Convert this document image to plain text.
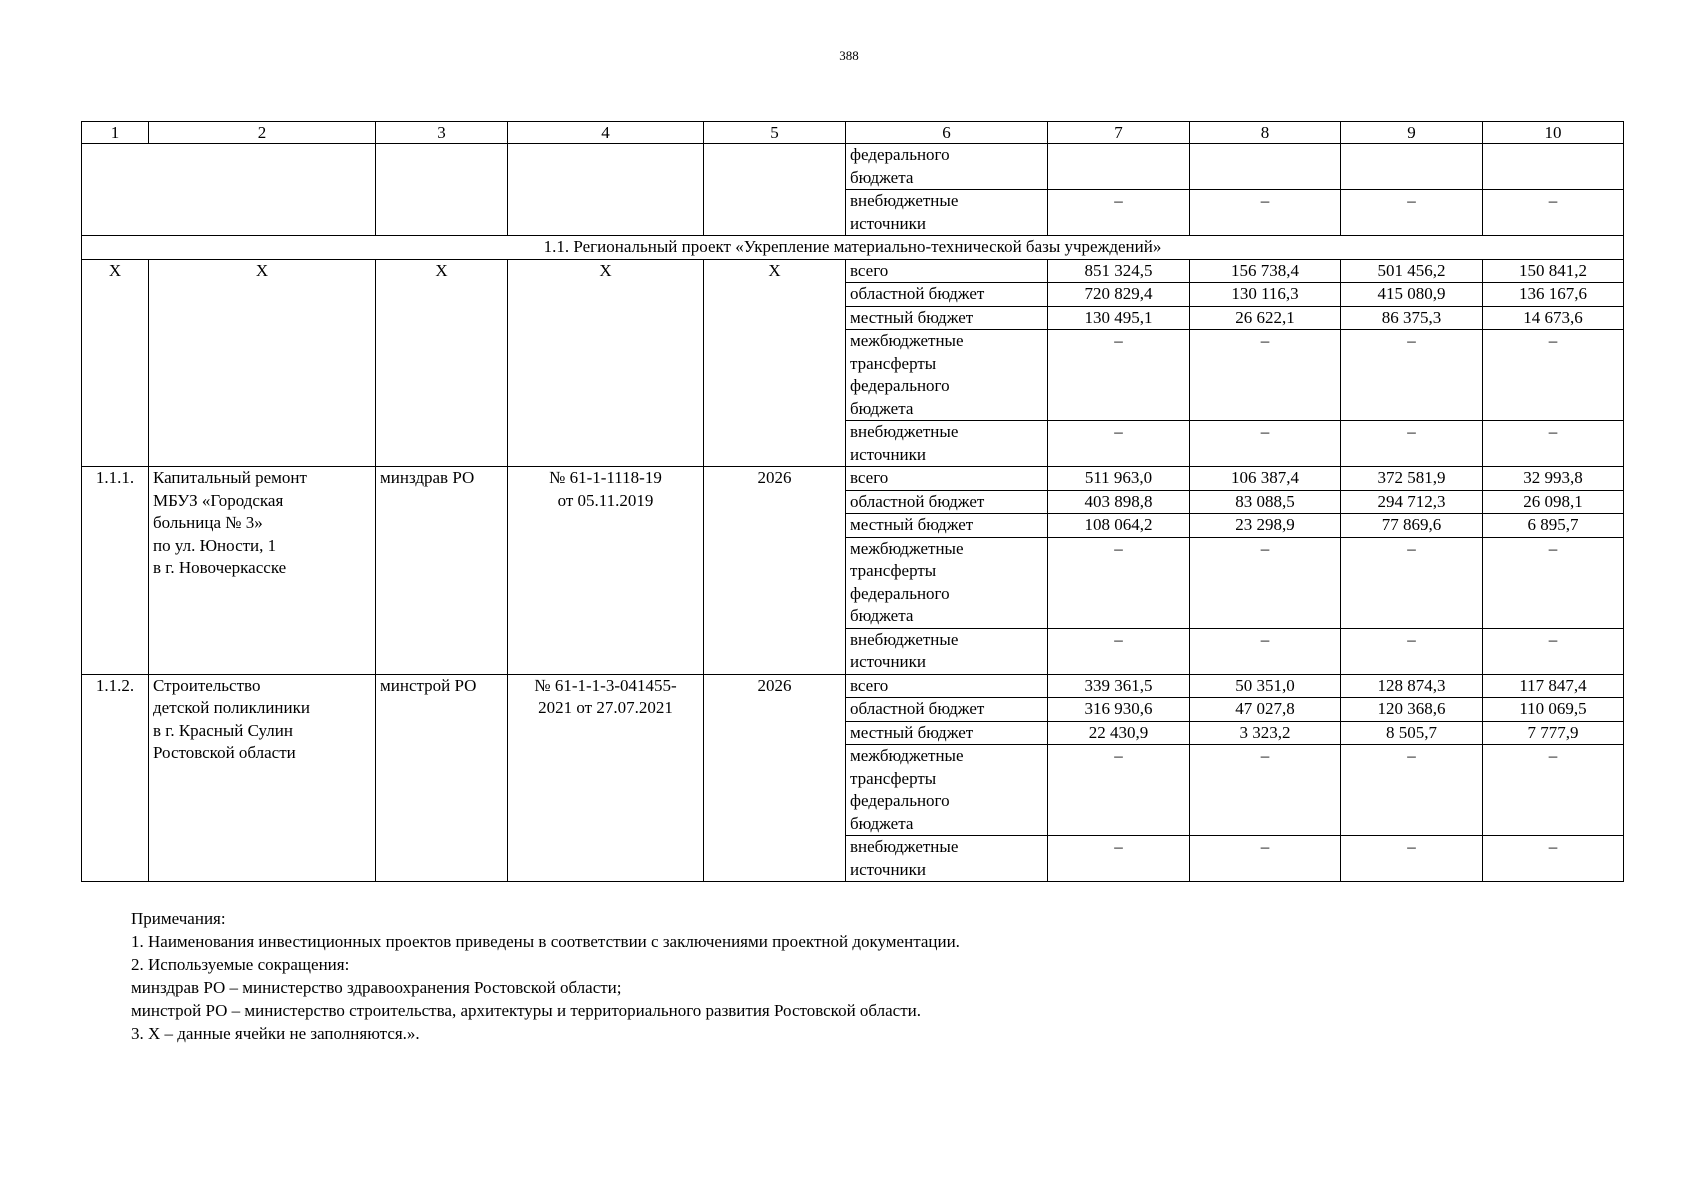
388
1	2	3	4	5	6	7	8	9	10

					федерального
бюджета				

					внебюджетные
источники	–	–	–	–
1.1. Региональный проект «Укрепление материально-технической базы учреждений»									
Х	Х	Х	Х	Х	всего	851 324,5	156 738,4	501 456,2	150 841,2

					областной бюджет	720 829,4	130 116,3	415 080,9	136 167,6

					местный бюджет	130 495,1	26 622,1	86 375,3	14 673,6

					межбюджетные
трансферты
федерального
бюджета	–	–	–	–

					внебюджетные
источники	–	–	–	–
1.1.1.	Капитальный ремонт
МБУЗ «Городская
больница № 3»
по ул. Юности, 1
в г. Новочеркасске	минздрав РО	№ 61-1-1118-19
от 05.11.2019	2026	всего	511 963,0	106 387,4	372 581,9	32 993,8

					областной бюджет	403 898,8	83 088,5	294 712,3	26 098,1

					местный бюджет	108 064,2	23 298,9	77 869,6	6 895,7

					межбюджетные
трансферты
федерального
бюджета	–	–	–	–

					внебюджетные
источники	–	–	–	–
1.1.2.	Строительство
детской поликлиники
в г. Красный Сулин
Ростовской области	минстрой РО	№ 61-1-1-3-041455-
2021 от 27.07.2021	2026	всего	339 361,5	50 351,0	128 874,3	117 847,4

					областной бюджет	316 930,6	47 027,8	120 368,6	110 069,5

					местный бюджет	22 430,9	3 323,2	8 505,7	7 777,9

					межбюджетные
трансферты
федерального
бюджета	–	–	–	–

					внебюджетные
источники	–	–	–	–
Примечания:
1. Наименования инвестиционных проектов приведены в соответствии с заключениями проектной документации.
2. Используемые сокращения:
минздрав РО – министерство здравоохранения Ростовской области;
минстрой РО – министерство строительства, архитектуры и территориального развития Ростовской области.
3. Х – данные ячейки не заполняются.».
